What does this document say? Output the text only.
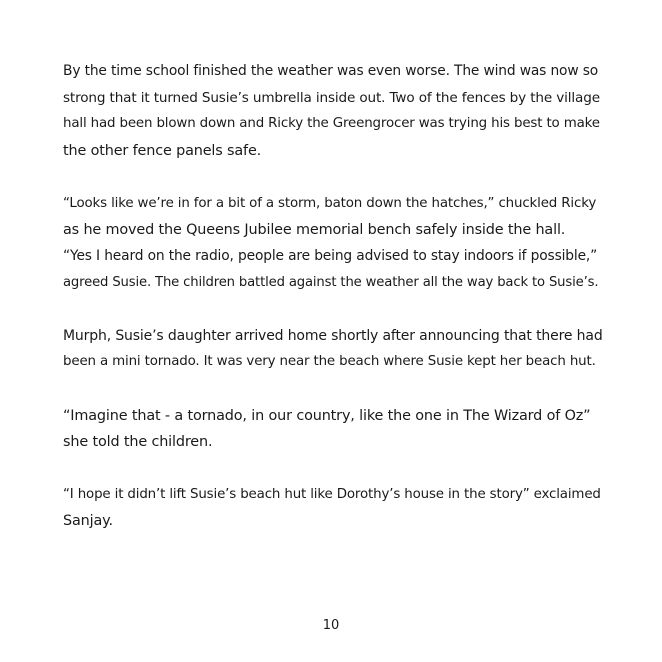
By the time school finished the weather was even worse. The wind was now so
strong that it turned Susie’s umbrella inside out. Two of the fences by the village
hall had been blown down and Ricky the Greengrocer was trying his best to make
the other fence panels safe.
“Looks like we’re in for a bit of a storm, baton down the hatches,” chuckled Ricky
as he moved the Queens Jubilee memorial bench safely inside the hall.
“Yes I heard on the radio, people are being advised to stay indoors if possible,”
agreed Susie. The children battled against the weather all the way back to Susie’s.
Murph, Susie’s daughter arrived home shortly after announcing that there had
been a mini tornado. It was very near the beach where Susie kept her beach hut.
“Imagine that - a tornado, in our country, like the one in The Wizard of Oz”
she told the children.
“I hope it didn’t lift Susie’s beach hut like Dorothy’s house in the story” exclaimed
Sanjay.
10
